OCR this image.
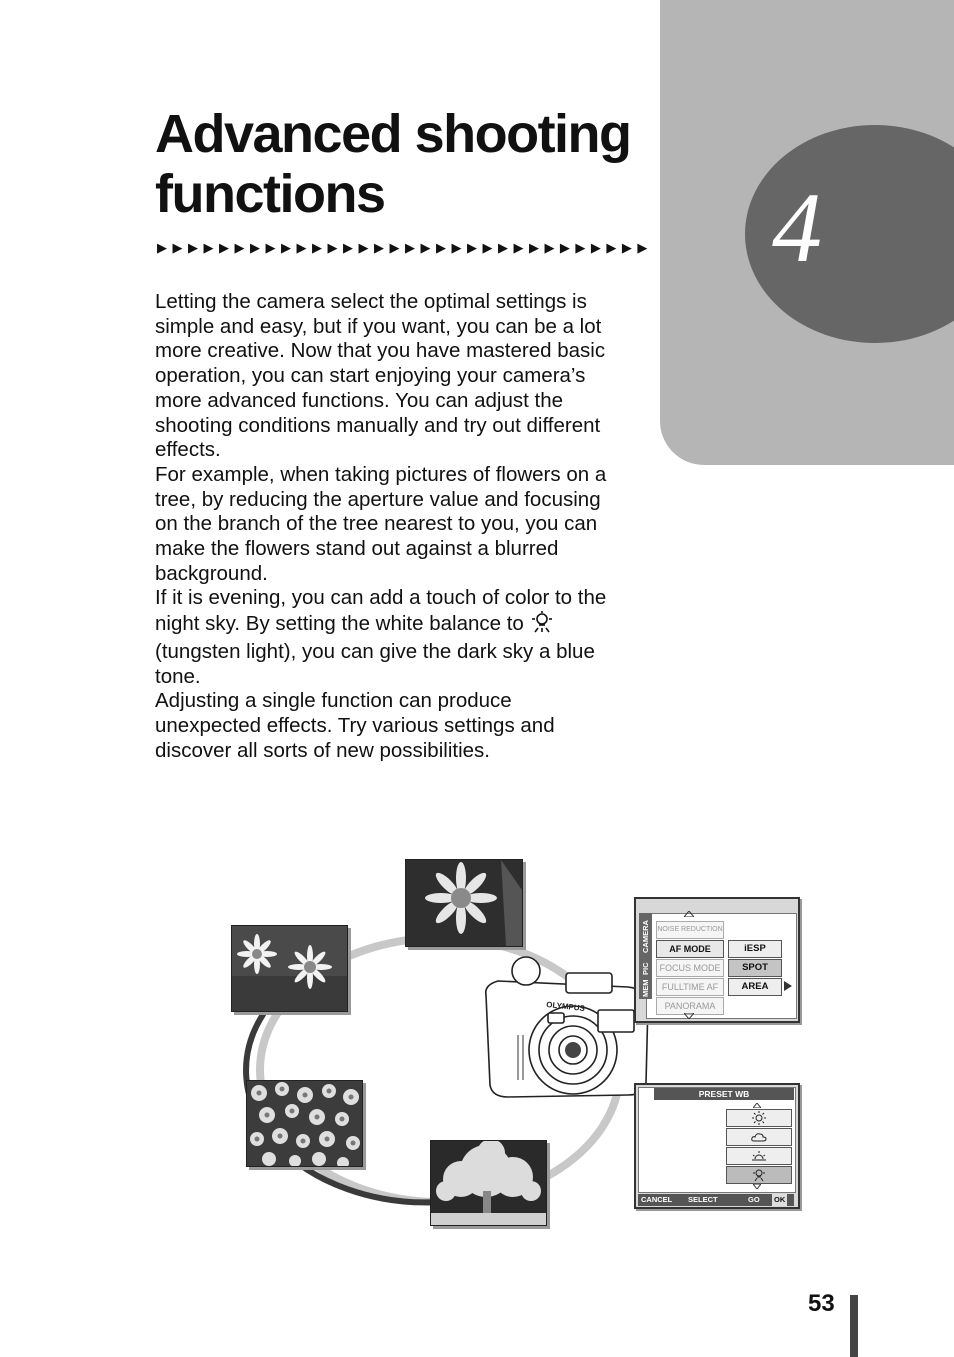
4
Advanced shooting
functions
▶▶▶▶▶▶▶▶▶▶▶▶▶▶▶▶▶▶▶▶▶▶▶▶▶▶▶▶▶▶▶▶

Letting the camera select the optimal settings is simple and easy, but if you want, you can be a lot more creative. Now that you have mastered basic operation, you can start enjoying your camera’s more advanced functions. You can adjust the shooting conditions manually and try out different effects.

For example, when taking pictures of flowers on a tree, by reducing the aperture value and focusing on the branch of the tree nearest to you, you can make the flowers stand out against a blurred background.

If it is evening, you can add a touch of color to the night sky. By setting the white balance to (tungsten light), you can give the dark sky a blue tone.

Adjusting a single function can produce unexpected effects. Try various settings and discover all sorts of new possibilities.

OLYMPUS
CAMERA
PIC
MEM
NOISE REDUCTION
AF MODE
FOCUS MODE
FULLTIME AF
PANORAMA
iESP
SPOT
AREA
PRESET WB
CANCEL SELECT	GO OK
53
